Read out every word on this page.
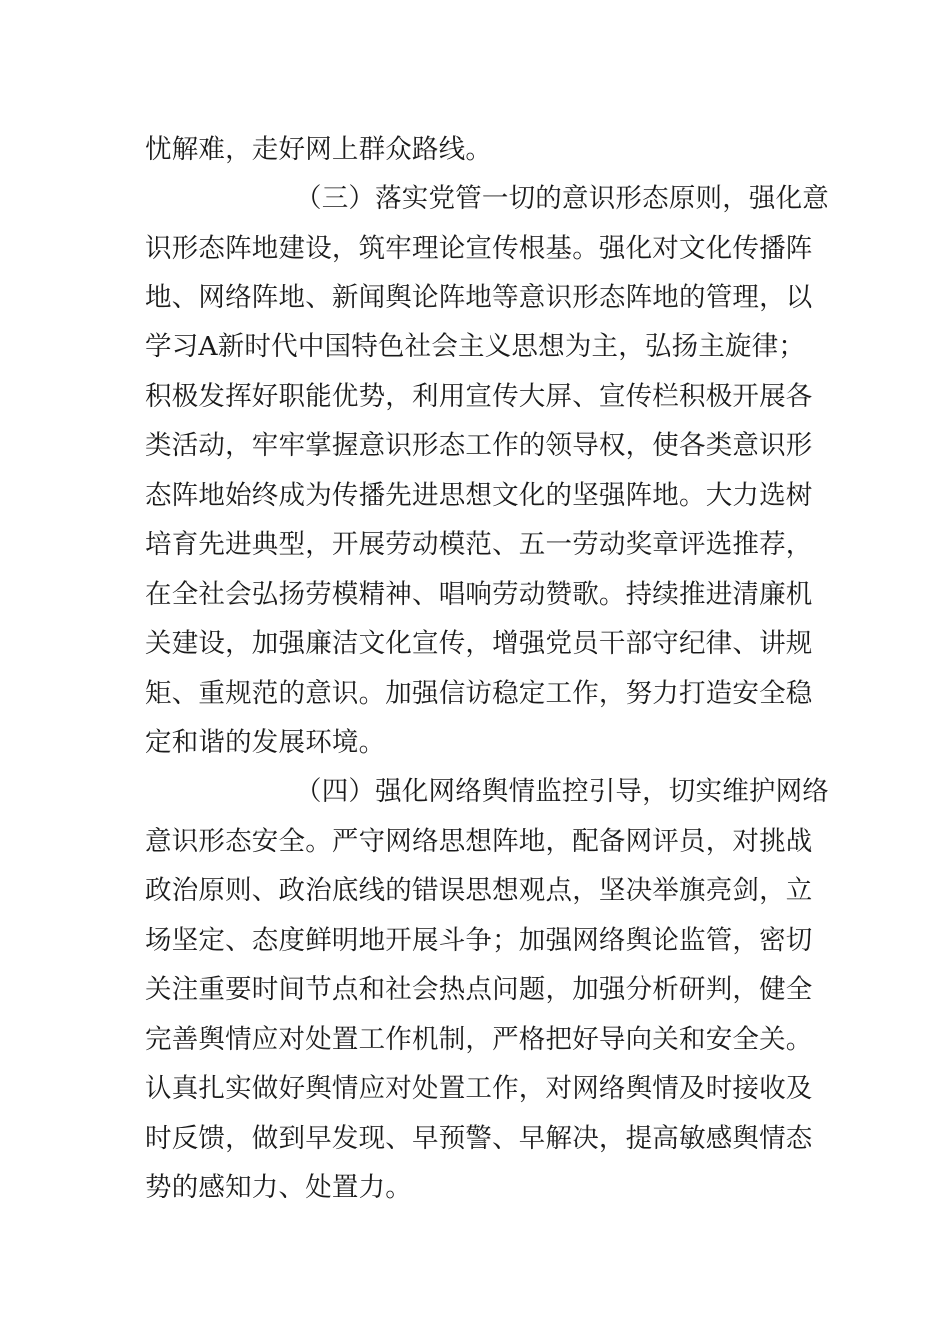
忧解难，走好网上群众路线。
（三）落实党管一切的意识形态原则，强化意
识形态阵地建设，筑牢理论宣传根基。强化对文化传播阵
地、网络阵地、新闻舆论阵地等意识形态阵地的管理，以
学习A新时代中国特色社会主义思想为主，弘扬主旋律；
积极发挥好职能优势，利用宣传大屏、宣传栏积极开展各
类活动，牢牢掌握意识形态工作的领导权，使各类意识形
态阵地始终成为传播先进思想文化的坚强阵地。大力选树
培育先进典型，开展劳动模范、五一劳动奖章评选推荐，
在全社会弘扬劳模精神、唱响劳动赞歌。持续推进清廉机
关建设，加强廉洁文化宣传，增强党员干部守纪律、讲规
矩、重规范的意识。加强信访稳定工作，努力打造安全稳
定和谐的发展环境。
（四）强化网络舆情监控引导，切实维护网络
意识形态安全。严守网络思想阵地，配备网评员，对挑战
政治原则、政治底线的错误思想观点，坚决举旗亮剑，立
场坚定、态度鲜明地开展斗争；加强网络舆论监管，密切
关注重要时间节点和社会热点问题，加强分析研判，健全
完善舆情应对处置工作机制，严格把好导向关和安全关。
认真扎实做好舆情应对处置工作，对网络舆情及时接收及
时反馈，做到早发现、早预警、早解决，提高敏感舆情态
势的感知力、处置力。
